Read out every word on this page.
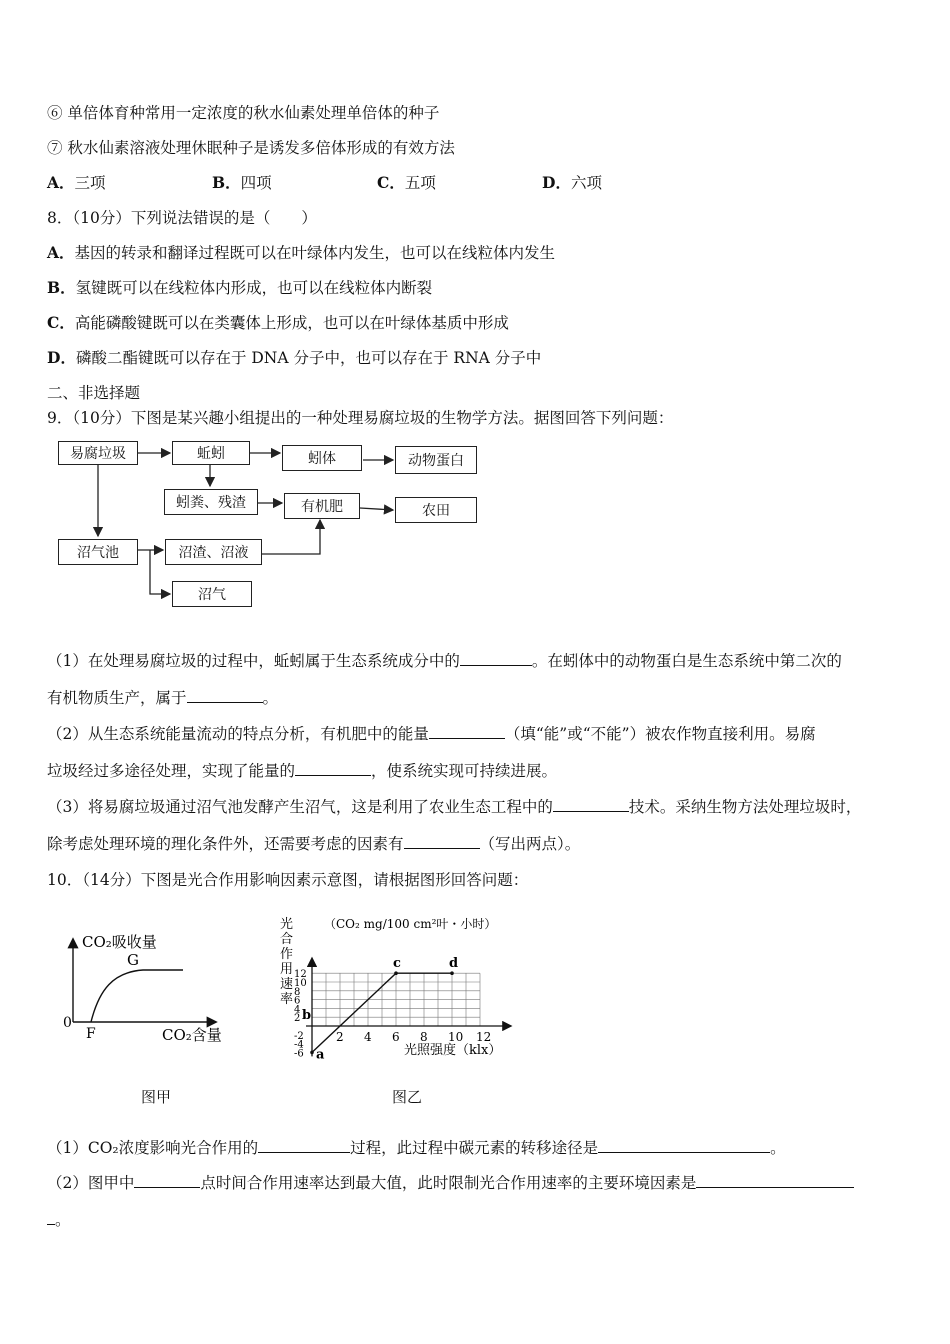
⑥ 单倍体育种常用一定浓度的秋水仙素处理单倍体的种子
⑦ 秋水仙素溶液处理休眠种子是诱发多倍体形成的有效方法
A．三项	B．四项	C．五项	D．六项
8．（10分）下列说法错误的是（　　）
A．基因的转录和翻译过程既可以在叶绿体内发生，也可以在线粒体内发生
B．氢键既可以在线粒体内形成，也可以在线粒体内断裂
C．高能磷酸键既可以在类囊体上形成，也可以在叶绿体基质中形成
D．磷酸二酯键既可以存在于 DNA 分子中，也可以存在于 RNA 分子中
二、非选择题
9．（10分）下图是某兴趣小组提出的一种处理易腐垃圾的生物学方法。据图回答下列问题：
易腐垃圾	蚯蚓	蚓体	动物蛋白
蚓粪、残渣	有机肥	农田
沼气池	沼渣、沼液
沼气
（1）在处理易腐垃圾的过程中，蚯蚓属于生态系统成分中的	。在蚓体中的动物蛋白是生态系统中第二次的
有机物质生产，属于	。
（2）从生态系统能量流动的特点分析，有机肥中的能量	（填“能”或“不能”）被农作物直接利用。易腐
垃圾经过多途径处理，实现了能量的	，使系统实现可持续进展。
（3）将易腐垃圾通过沼气池发酵产生沼气，这是利用了农业生态工程中的	技术。采纳生物方法处理垃圾时，
除考虑处理环境的理化条件外，还需要考虑的因素有	（写出两点）。
10．（14分）下图是光合作用影响因素示意图，请根据图形回答问题：
CO₂吸收量
G
0
F	CO₂含量
图甲
2 4 6 8 10 12
-6
-4
-2
2
4
6
8
10
12
a
b
c	d
光合作用速率
（CO₂ mg/100 cm²叶・小时）
光照强度（klx）
图乙
（1）CO₂浓度影响光合作用的	过程，此过程中碳元素的转移途径是	。
（2）图甲中	点时间合作用速率达到最大值，此时限制光合作用速率的主要环境因素是
。
